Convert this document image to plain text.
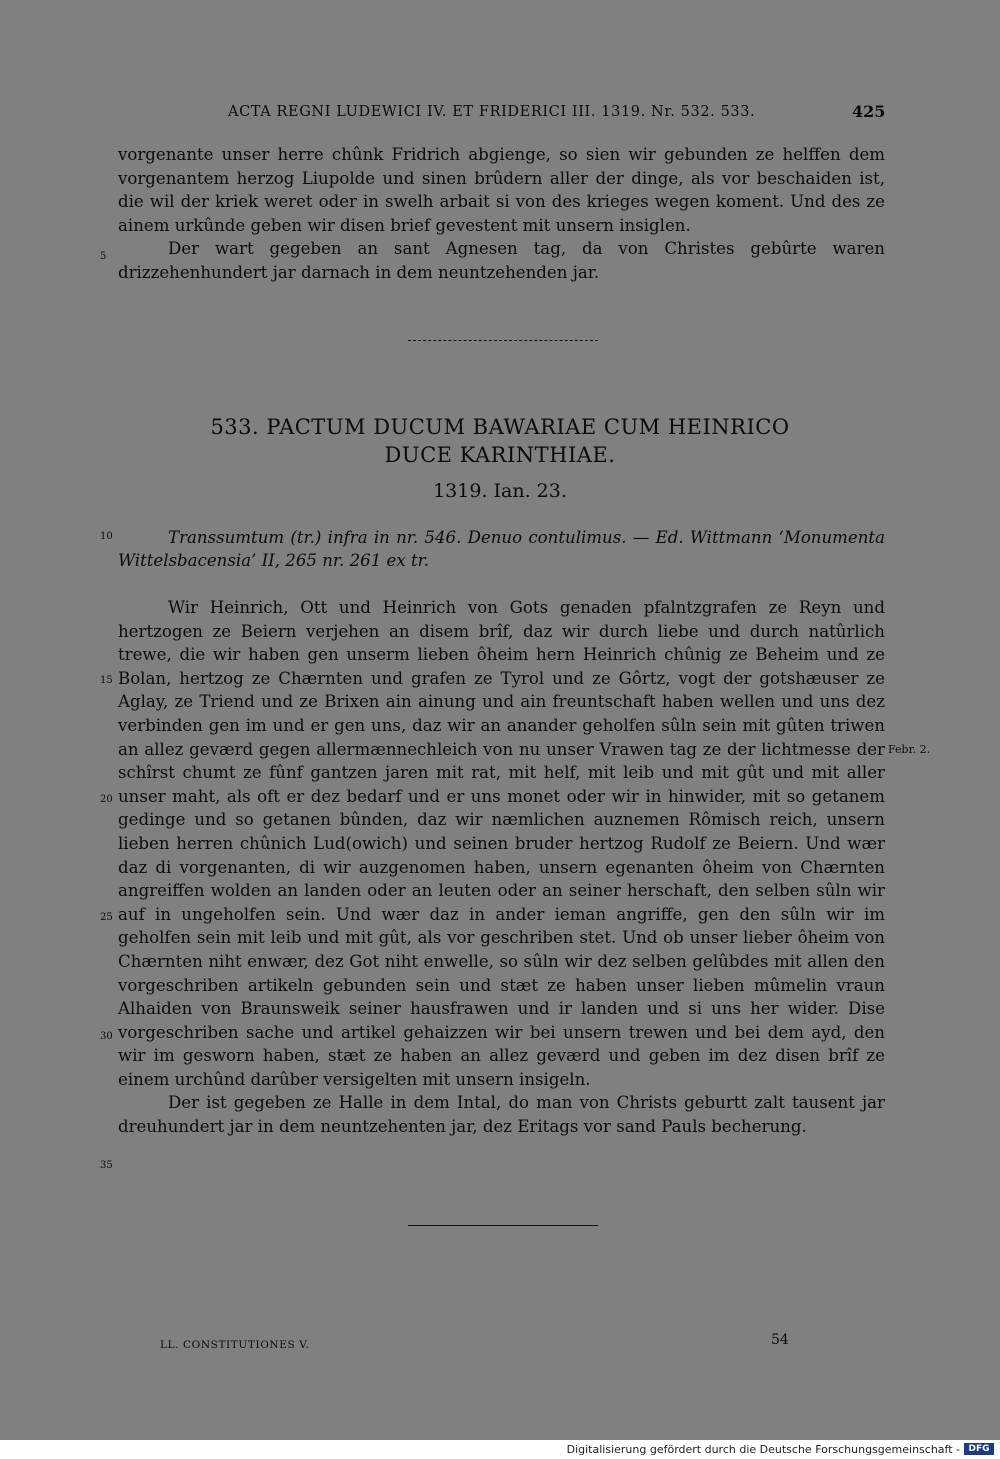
ACTA REGNI LUDEWICI IV. ET FRIDERICI III. 1319. Nr. 532. 533.	425

vorgenante unser herre chûnk Fridrich abgienge, so sien wir gebunden ze helffen dem vorgenantem herzog Liupolde und sinen brûdern aller der dinge, als vor beschaiden ist, die wil der kriek weret oder in swelh arbait si von des krieges wegen koment. Und des ze ainem urkûnde geben wir disen brief gevestent mit unsern insiglen.

Der wart gegeben an sant Agnesen tag, da von Christes gebûrte waren drizzehenhundert jar darnach in dem neuntzehenden jar.

5
533. PACTUM DUCUM BAWARIAE CUM HEINRICO
DUCE KARINTHIAE.
1319. Ian. 23.
10	Transsumtum (tr.) infra in nr. 546. Denuo contulimus. — Ed. Wittmann ‘Monumenta Wittelsbacensia’ II, 265 nr. 261 ex tr.

Wir Heinrich, Ott und Heinrich von Gots genaden pfalntzgrafen ze Reyn und hertzogen ze Beiern verjehen an disem brîf, daz wir durch liebe und durch natûrlich trewe, die wir haben gen unserm lieben ôheim hern Heinrich chûnig ze Beheim und ze Bolan, hertzog ze Chærnten und grafen ze Tyrol und ze Gôrtz, vogt der gotshæuser ze Aglay, ze Triend und ze Brixen ain ainung und ain freuntschaft haben wellen und uns dez verbinden gen im und er gen uns, daz wir an anander geholfen sûln sein mit gûten triwen an allez geværd gegen allermænnechleich von nu unser Vrawen tag ze der lichtmesse der schîrst chumt ze fûnf gantzen jaren mit rat, mit helf, mit leib und mit gût und mit aller unser maht, als oft er dez bedarf und er uns monet oder wir in hinwider, mit so getanem gedinge und so getanen bûnden, daz wir næmlichen auznemen Rômisch reich, unsern lieben herren chûnich Lud(owich) und seinen bruder hertzog Rudolf ze Beiern. Und wær daz di vorgenanten, di wir auzgenomen haben, unsern egenanten ôheim von Chærnten angreiffen wolden an landen oder an leuten oder an seiner herschaft, den selben sûln wir auf in ungeholfen sein. Und wær daz in ander ieman angriffe, gen den sûln wir im geholfen sein mit leib und mit gût, als vor geschriben stet. Und ob unser lieber ôheim von Chærnten niht enwær, dez Got niht enwelle, so sûln wir dez selben gelûbdes mit allen den vorgeschriben artikeln gebunden sein und stæt ze haben unser lieben mûmelin vraun Alhaiden von Braunsweik seiner hausfrawen und ir landen und si uns her wider. Dise vorgeschriben sache und artikel gehaizzen wir bei unsern trewen und bei dem ayd, den wir im gesworn haben, stæt ze haben an allez geværd und geben im dez disen brîf ze einem urchûnd darûber versigelten mit unsern insigeln.

Der ist gegeben ze Halle in dem Intal, do man von Christs geburtt zalt tausent jar dreuhundert jar in dem neuntzehenten jar, dez Eritags vor sand Pauls becherung.

Febr. 2.
15
20
25
30
35
LL. CONSTITUTIONES V.	54
Digitalisierung gefördert durch die Deutsche Forschungsgemeinschaft - DFG
